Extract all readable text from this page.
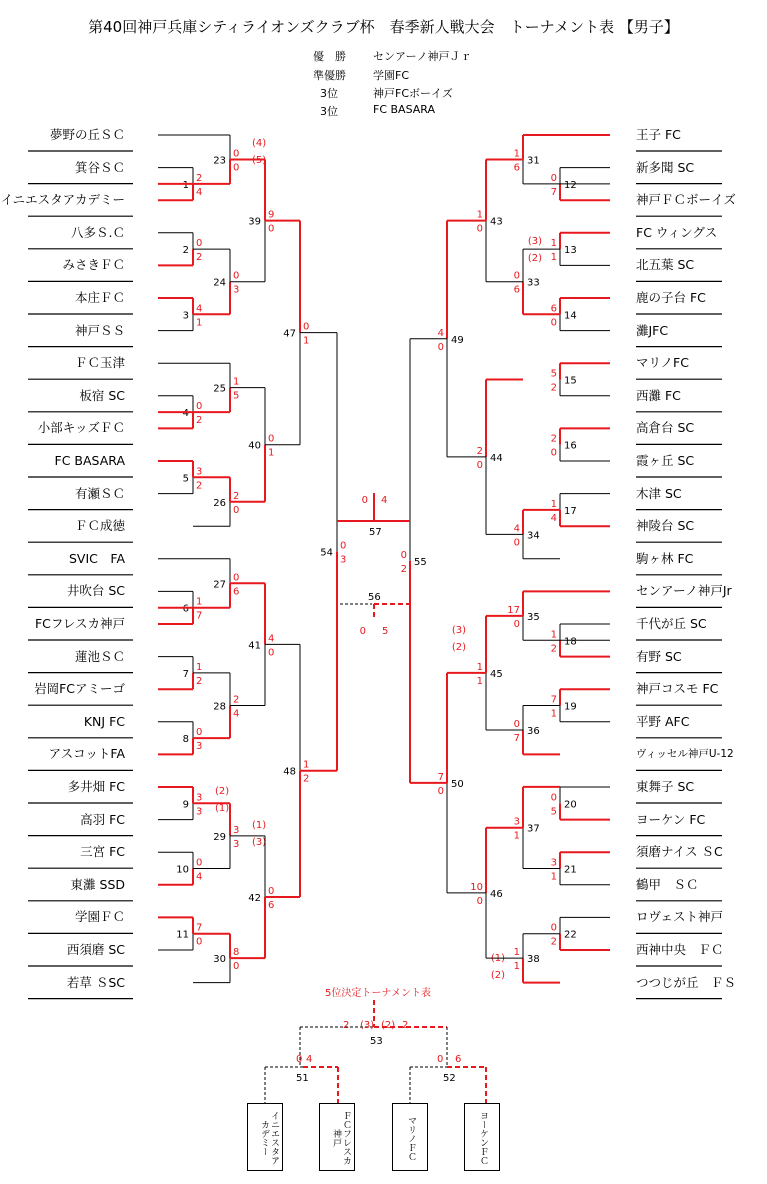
第40回神戸兵庫シティライオンズクラブ杯　春季新人戦大会　トーナメント表 【男子】
優　勝 センアーノ神戸Ｊｒ
準優勝 学園FC
3位	神戸FCボーイズ
3位	FC BASARA
夢野の丘ＳＣ
箕谷ＳＣ
イニエスタアカデミー
八多Ｓ.Ｃ
みさきＦＣ
本庄ＦＣ
神戸ＳＳ
ＦＣ玉津
板宿 SC
小部キッズＦＣ
FC BASARA
有瀬ＳＣ
ＦＣ成徳
SVIC　FA
井吹台 SC
FCフレスカ神戸
蓮池ＳＣ
岩岡FCアミーゴ
KNJ FC
アスコットFA
多井畑 FC
高羽 FC
三宮 FC
東灘 SSD
学園ＦＣ
西須磨 SC
若草 ＳSC
王子 FC
新多聞 SC
神戸ＦＣボーイズ
FC ウィングス
北五葉 SC
鹿の子台 FC
灘JFC
マリノFC
西灘 FC
高倉台 SC
霞ヶ丘 SC
木津 SC
神陵台 SC
駒ヶ林 FC
センアーノ神戸Jr
千代が丘 SC
有野 SC
神戸コスモ FC
平野 AFC
ヴィッセル神戸U-12
東舞子 SC
ヨーケン FC
須磨ナイス ＳC
鶴甲　ＳＣ
ロヴェスト神戸
西神中央　ＦＣ
つつじが丘　ＦＳ
1
2
4
2
0
2
3
4
1
4
0
2
5
3
2
6
1
7
7
1
2
8
0
3
9
3
3
10
0
4
11
7
0
23
0
0
(4)
(5)
24
0
3
25
1
5
26
2
0
27
0
6
28
2
4
29
3
3
(2)
(1)
(1)
(3)
30
8
0
39
9
0
40
0
1
41
4
0
42
0
6
47
0
1
48
1
2
54
0
3
12
0
7
13
1
1
(3)
(2)
14
6
0
15
5
2
16
2
0
17
1
4
18
1
2
19
7
1
20
0
5
21
3
1
22
0
2
31
1
6
33
0
6
34
4
0
35
17
0
36
0
7
37
3
1
38
1
1
(1)
(2)
43
1
0
44
2
0
45
1
1
(3)
(2)
46
10
0
49
4
0
50
7
0
55
0
2
0 4
57
56
0 5
2 (3) (2) 2
53
0 4
51
0 6
52
5位決定トーナメント表
イニエスタアカデミー	ＦＣフレスカ神戸	マリノＦＣ	ヨーケンＦＣ
